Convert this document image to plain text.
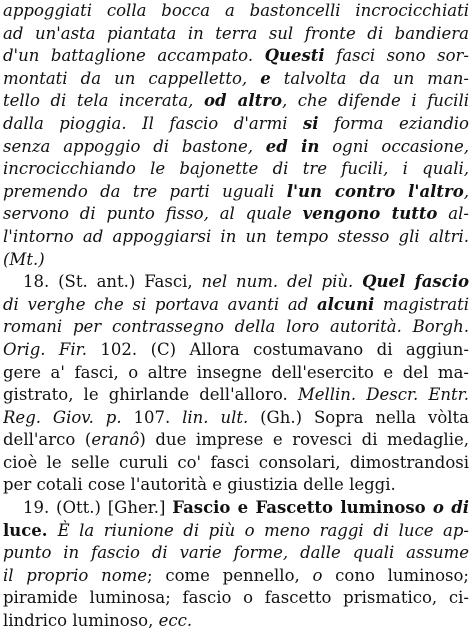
appoggiati colla bocca a bastoncelli incrocicchiati
ad un'asta piantata in terra sul fronte di bandiera
d'un battaglione accampato. Questi fasci sono sor-
montati da un cappelletto, e talvolta da un man-
tello di tela incerata, od altro, che difende i fucili
dalla pioggia. Il fascio d'armi si forma eziandio
senza appoggio di bastone, ed in ogni occasione,
incrocicchiando le bajonette di tre fucili, i quali,
premendo da tre parti uguali l'un contro l'altro,
servono di punto fisso, al quale vengono tutto al-
l'intorno ad appoggiarsi in un tempo stesso gli altri.
(Mt.)
18. (St. ant.) Fasci, nel num. del più. Quel fascio
di verghe che si portava avanti ad alcuni magistrati
romani per contrassegno della loro autorità. Borgh.
Orig. Fir. 102. (C) Allora costumavano di aggiun-
gere a' fasci, o altre insegne dell'esercito e del ma-
gistrato, le ghirlande dell'alloro. Mellin. Descr. Entr.
Reg. Giov. p. 107. lin. ult. (Gh.) Sopra nella vòlta
dell'arco (eranô) due imprese e rovesci di medaglie,
cioè le selle curuli co' fasci consolari, dimostrandosi
per cotali cose l'autorità e giustizia delle leggi.
19. (Ott.) [Gher.] Fascio e Fascetto luminoso o di
luce. È la riunione di più o meno raggi di luce ap-
punto in fascio di varie forme, dalle quali assume
il proprio nome; come pennello, o cono luminoso;
piramide luminosa; fascio o fascetto prismatico, ci-
lindrico luminoso, ecc.
